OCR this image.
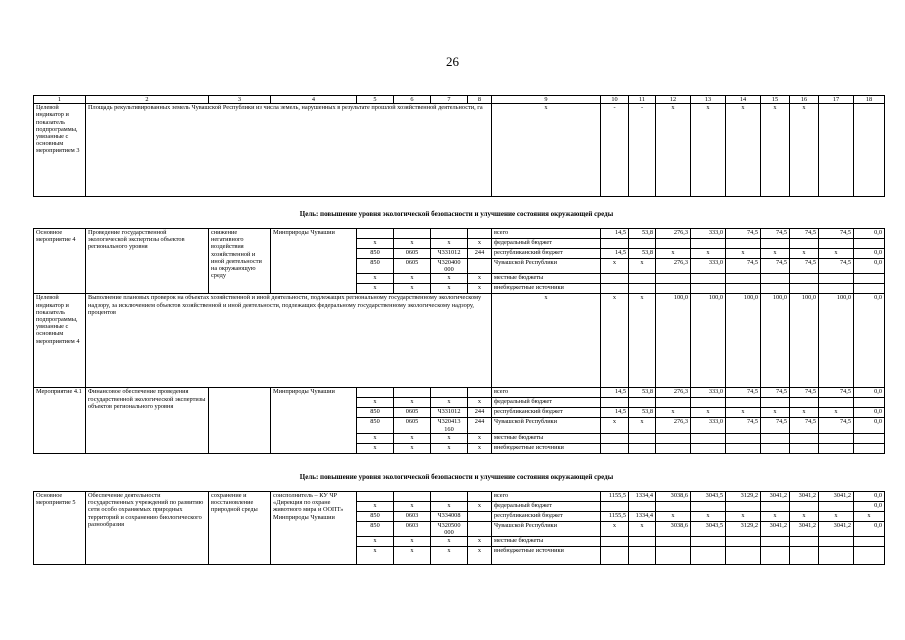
26
1	2	3	4	5	6	7	8	9	10	11	12	13	14	15	16	17	18
Целевой индикатор и показатель подпрограммы, увязанные с основным мероприятием 3	Площадь рекультивированных земель Чувашской Республики из числа земель, нарушенных в результате прошлой хозяйственной деятельности, га							x	-	-	x	x	x	x	x		
Цель: повышение уровня экологической безопасности и улучшение состояния окружающей среды
Основное мероприятие 4	Проведение государственной экологической экспертизы объектов регионального уровня	снижение негативного воздействия хозяйственной и иной деятельности на окружающую среду	Минприроды Чувашии					всего	14,5	53,8	276,3	333,0	74,5	74,5	74,5	74,5	0,0
				x	x	x	x	федеральный бюджет									
				850	0605	Ч331012	244	республиканский бюджет	14,5	53,8	x	x	x	x	x	x	0,0
				850	0605	Ч320400 000		Чувашской Республики	x	x	276,3	333,0	74,5	74,5	74,5	74,5	0,0
				x	x	x	x	местные бюджеты									
				x	x	x	x	внебюджетные источники									
Целевой индикатор и показатель подпрограммы, увязанные с основным мероприятием 4	Выполнение плановых проверок на объектах хозяйственной и иной деятельности, подлежащих региональному государственному экологическому надзору, за исключением объектов хозяйственной и иной деятельности, подлежащих федеральному государственному экологическому надзору, процентов							x	x	x	100,0	100,0	100,0	100,0	100,0	100,0	0,0
Мероприятие 4.1	Финансовое обеспечение проведения государственной экологической экспертизы объектов регионального уровня		Минприроды Чувашии					всего	14,5	53,8	276,3	333,0	74,5	74,5	74,5	74,5	0,0
				x	x	x	x	федеральный бюджет									
				850	0605	Ч331012	244	республиканский бюджет	14,5	53,8	x	x	x	x	x	x	0,0
				850	0605	Ч320413 160	244	Чувашской Республики	x	x	276,3	333,0	74,5	74,5	74,5	74,5	0,0
				x	x	x	x	местные бюджеты									
				x	x	x	x	внебюджетные источники									
Цель: повышение уровня экологической безопасности и улучшение состояния окружающей среды
Основное мероприятие 5	Обеспечение деятельности государственных учреждений по развитию сети особо охраняемых природных территорий и сохранению биологического разнообразия	сохранение и восстановление природной среды	соисполнитель – КУ ЧР «Дирекция по охране животного мира и ООПТ» Минприроды Чувашии					всего	1155,5	1334,4	3038,6	3043,5	3129,2	3041,2	3041,2	3041,2	0,0
				x	x	x	x	федеральный бюджет									0,0
				850	0603	Ч334008		республиканский бюджет	1155,5	1334,4	x	x	x	x	x	x	x
				850	0603	Ч320500 000		Чувашской Республики	x	x	3038,6	3043,5	3129,2	3041,2	3041,2	3041,2	0,0
				x	x	x	x	местные бюджеты									
				x	x	x	x	внебюджетные источники									
